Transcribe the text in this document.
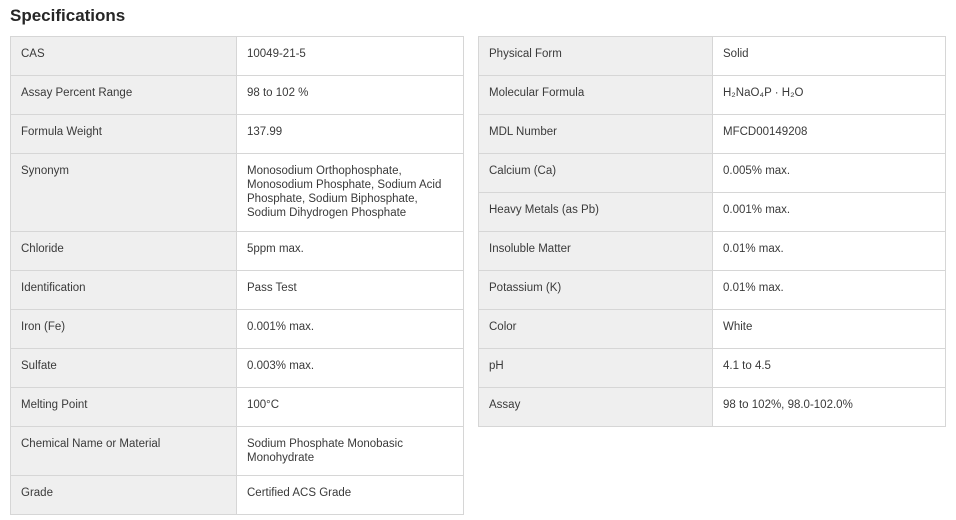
Specifications
CAS	10049-21-5
Assay Percent Range	98 to 102 %
Formula Weight	137.99
Synonym	Monosodium Orthophosphate, Monosodium Phosphate, Sodium Acid Phosphate, Sodium Biphosphate, Sodium Dihydrogen Phosphate
Chloride	5ppm max.
Identification	Pass Test
Iron (Fe)	0.001% max.
Sulfate	0.003% max.
Melting Point	100°C
Chemical Name or Material	Sodium Phosphate Monobasic Monohydrate
Grade	Certified ACS Grade
Physical Form	Solid
Molecular Formula	H₂NaO₄P · H₂O
MDL Number	MFCD00149208
Calcium (Ca)	0.005% max.
Heavy Metals (as Pb)	0.001% max.
Insoluble Matter	0.01% max.
Potassium (K)	0.01% max.
Color	White
pH	4.1 to 4.5
Assay	98 to 102%, 98.0-102.0%
